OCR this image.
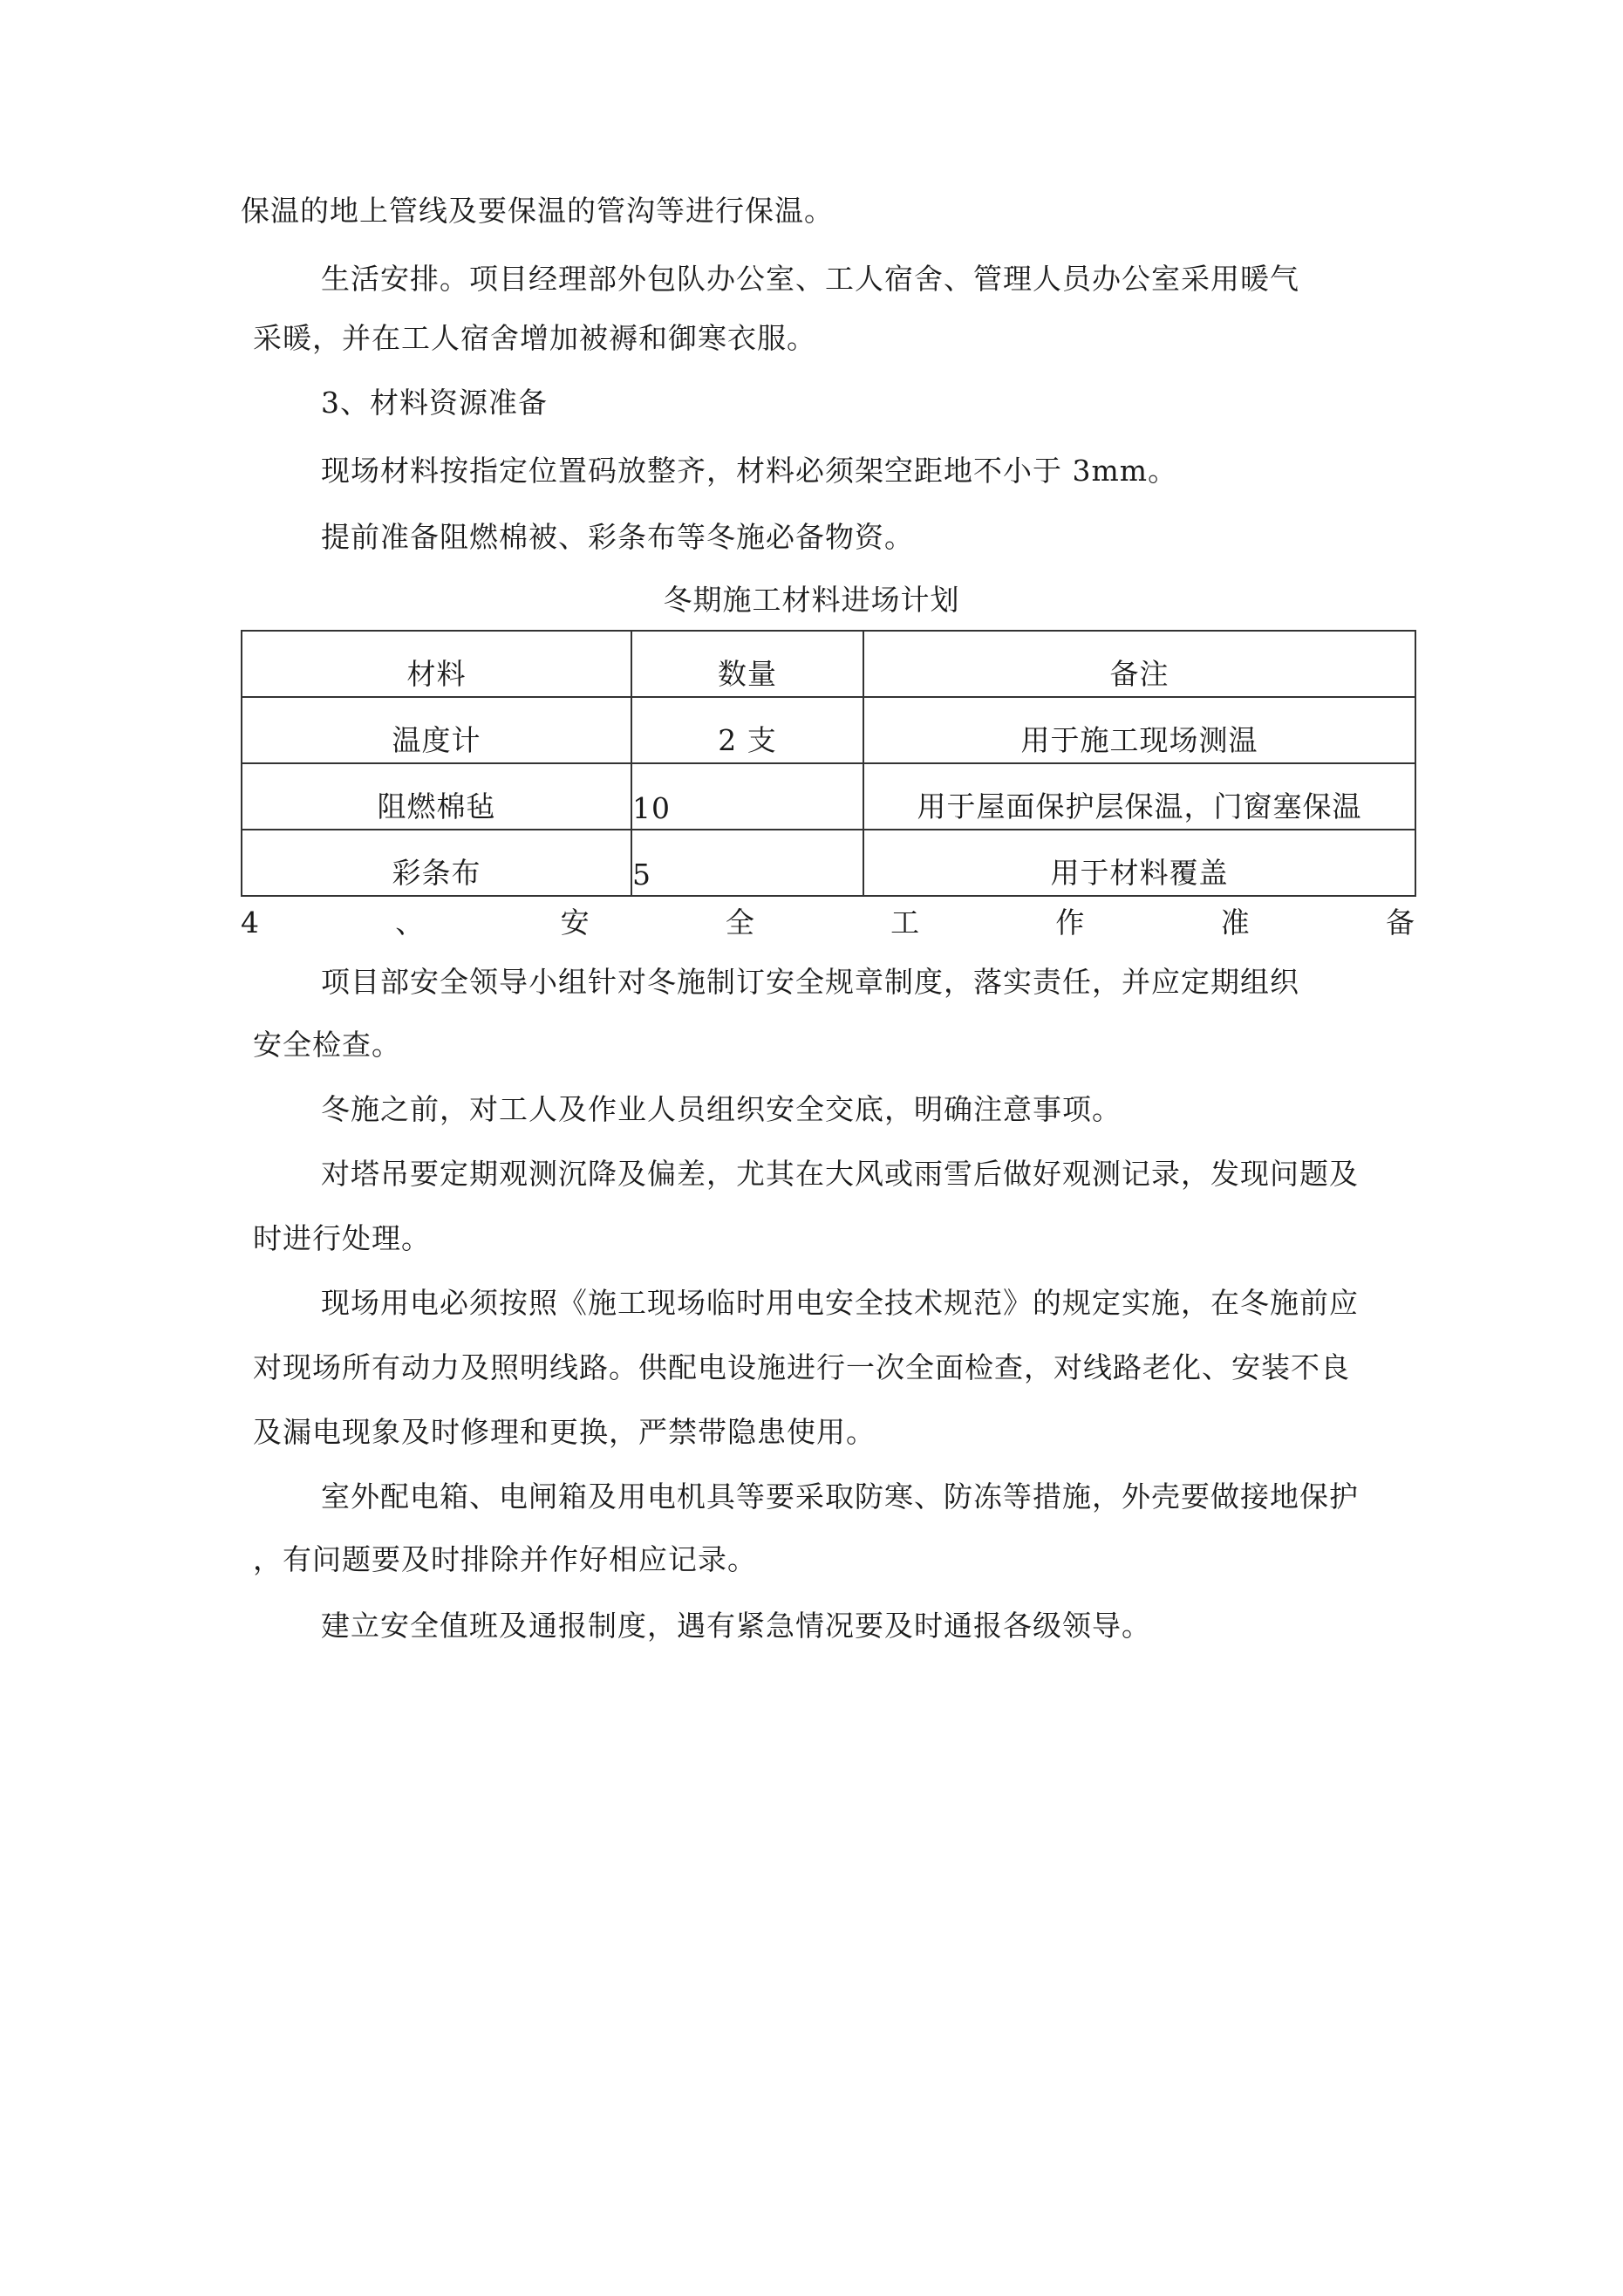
保温的地上管线及要保温的管沟等进行保温。
生活安排。项目经理部外包队办公室、工人宿舍、管理人员办公室采用暖气
采暖，并在工人宿舍增加被褥和御寒衣服。
3、材料资源准备
现场材料按指定位置码放整齐，材料必须架空距地不小于 3mm。
提前准备阻燃棉被、彩条布等冬施必备物资。
冬期施工材料进场计划
材料	数量	备注
温度计	2 支	用于施工现场测温
阻燃棉毡	10	用于屋面保护层保温，门窗塞保温
彩条布	5	用于材料覆盖
4	、	安	全	工	作	准	备
项目部安全领导小组针对冬施制订安全规章制度，落实责任，并应定期组织
安全检查。
冬施之前，对工人及作业人员组织安全交底，明确注意事项。
对塔吊要定期观测沉降及偏差，尤其在大风或雨雪后做好观测记录，发现问题及
时进行处理。
现场用电必须按照《施工现场临时用电安全技术规范》的规定实施，在冬施前应
对现场所有动力及照明线路。供配电设施进行一次全面检查，对线路老化、安装不良
及漏电现象及时修理和更换，严禁带隐患使用。
室外配电箱、电闸箱及用电机具等要采取防寒、防冻等措施，外壳要做接地保护
，有问题要及时排除并作好相应记录。
建立安全值班及通报制度，遇有紧急情况要及时通报各级领导。
